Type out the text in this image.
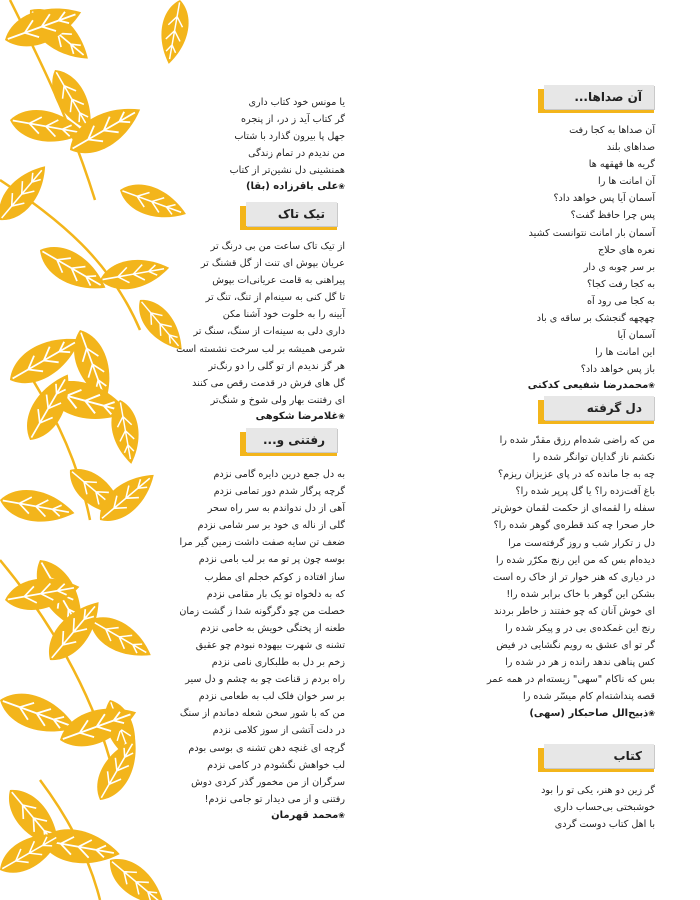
یا مونس خود کتاب داری
گر کتاب آید ز در، از پنجره
جهل پا بیرون گذارد با شتاب
من ندیدم در تمام زندگی
همنشینی دل نشین‌تر از کتاب
❀ علی باقرزاده (بقا)
تیک تاک
از تیک تاک ساعت من بی درنگ تر
عریان بپوش ای تنت از گل قشنگ تر
پیراهنی به قامت عریانی‌ات بپوش
تا گل کنی به سینه‌ام از تنگ، تنگ تر
آیینه را به خلوت خود آشنا مکن
داری دلی به سینه‌ات از سنگ، سنگ تر
شرمی همیشه بر لب سرخت نشسته است
هر گز ندیدم از تو گلی را دو رنگ‌تر
گل های فرش در قدمت رقص می کنند
ای رفتنت بهار ولی شوخ و شنگ‌تر
❀ غلامرضا شکوهی
رفتنی و...
به دل جمع درین دایره گامی نزدم
گرچه پرگار شدم دور تمامی نزدم
آهی از دل ندواندم به سر راه سحر
گلی از ناله ی خود بر سر شامی نزدم
ضعف تن سایه صفت داشت زمین گیر مرا
بوسه چون پر تو مه بر لب بامی نزدم
ساز افتاده ز کوکم خجلم ای مطرب
که به دلخواه تو یک بار مقامی نزدم
خصلت من چو دگرگونه شدا ز گشت زمان
طعنه از پختگی خویش به خامی نزدم
تشنه ی شهرت بیهوده نبودم چو عقیق
زخم بر دل به طلبکاری نامی نزدم
راه بردم ز قناعت چو به چشم و دل سیر
بر سر خوان فلک لب به طعامی نزدم
من که با شور سخن شعله دماندم از سنگ
در دلت آتشی از سوز کلامی نزدم
گرچه ای غنچه دهن تشنه ی بوسی بودم
لب خواهش نگشودم در کامی نزدم
سرگران از من مخمور گذر کردی دوش
رفتنی و از می دیدار تو جامی نزدم!
❀ محمد قهرمان
آن صداها...
آن صداها به کجا رفت
صداهای بلند
گریه ها قهقهه ها
آن امانت ها را
آسمان آیا پس خواهد داد؟
پس چرا حافظ گفت؟
آسمان بار امانت نتوانست کشید
نعره های حلاج
بر سر چوبه ی دار
به کجا رفت کجا؟
به کجا می رود آه
چهچهه گنجشک بر ساقه ی باد
آسمان آیا
این امانت ها را
باز پس خواهد داد؟
❀ محمدرضا شفیعی کدکنی
دل گرفته
من که راضی شده‌ام رزق مقدّر شده را
نکشم ناز گدایان توانگر شده را
چه به جا مانده که در پای عزیزان ریزم؟
باغ آفت‌زده را؟ یا گل پرپر شده را؟
سفله را لقمه‌ای از حکمت لقمان خوش‌تر
خار صحرا چه کند قطره‌ی گوهر شده را؟
دل ز تکرار شب و روز گرفته‌ست مرا
دیده‌ام بس که من این رنج مکرّر شده را
در دیاری که هنر خوار تر از خاک ره است
بشکن این گوهر با خاک برابر شده را!
ای خوش آنان که چو خفتند ز خاطر بردند
رنج این غمکده‌ی بی در و پیکر شده را
گر تو ای عشق به رویم نگشایی در فیض
کس پناهی ندهد رانده ز هر در شده را
بس که ناکام "سهی" زیسته‌ام در همه عمر
قصه پنداشته‌ام کام میسّر شده را
❀ ذبیح‌الل صاحبکار (سهی)
کتاب
گر زین دو هنر، یکی تو را بود
خوشبختی بی‌حساب داری
با اهل کتاب دوست گردی
